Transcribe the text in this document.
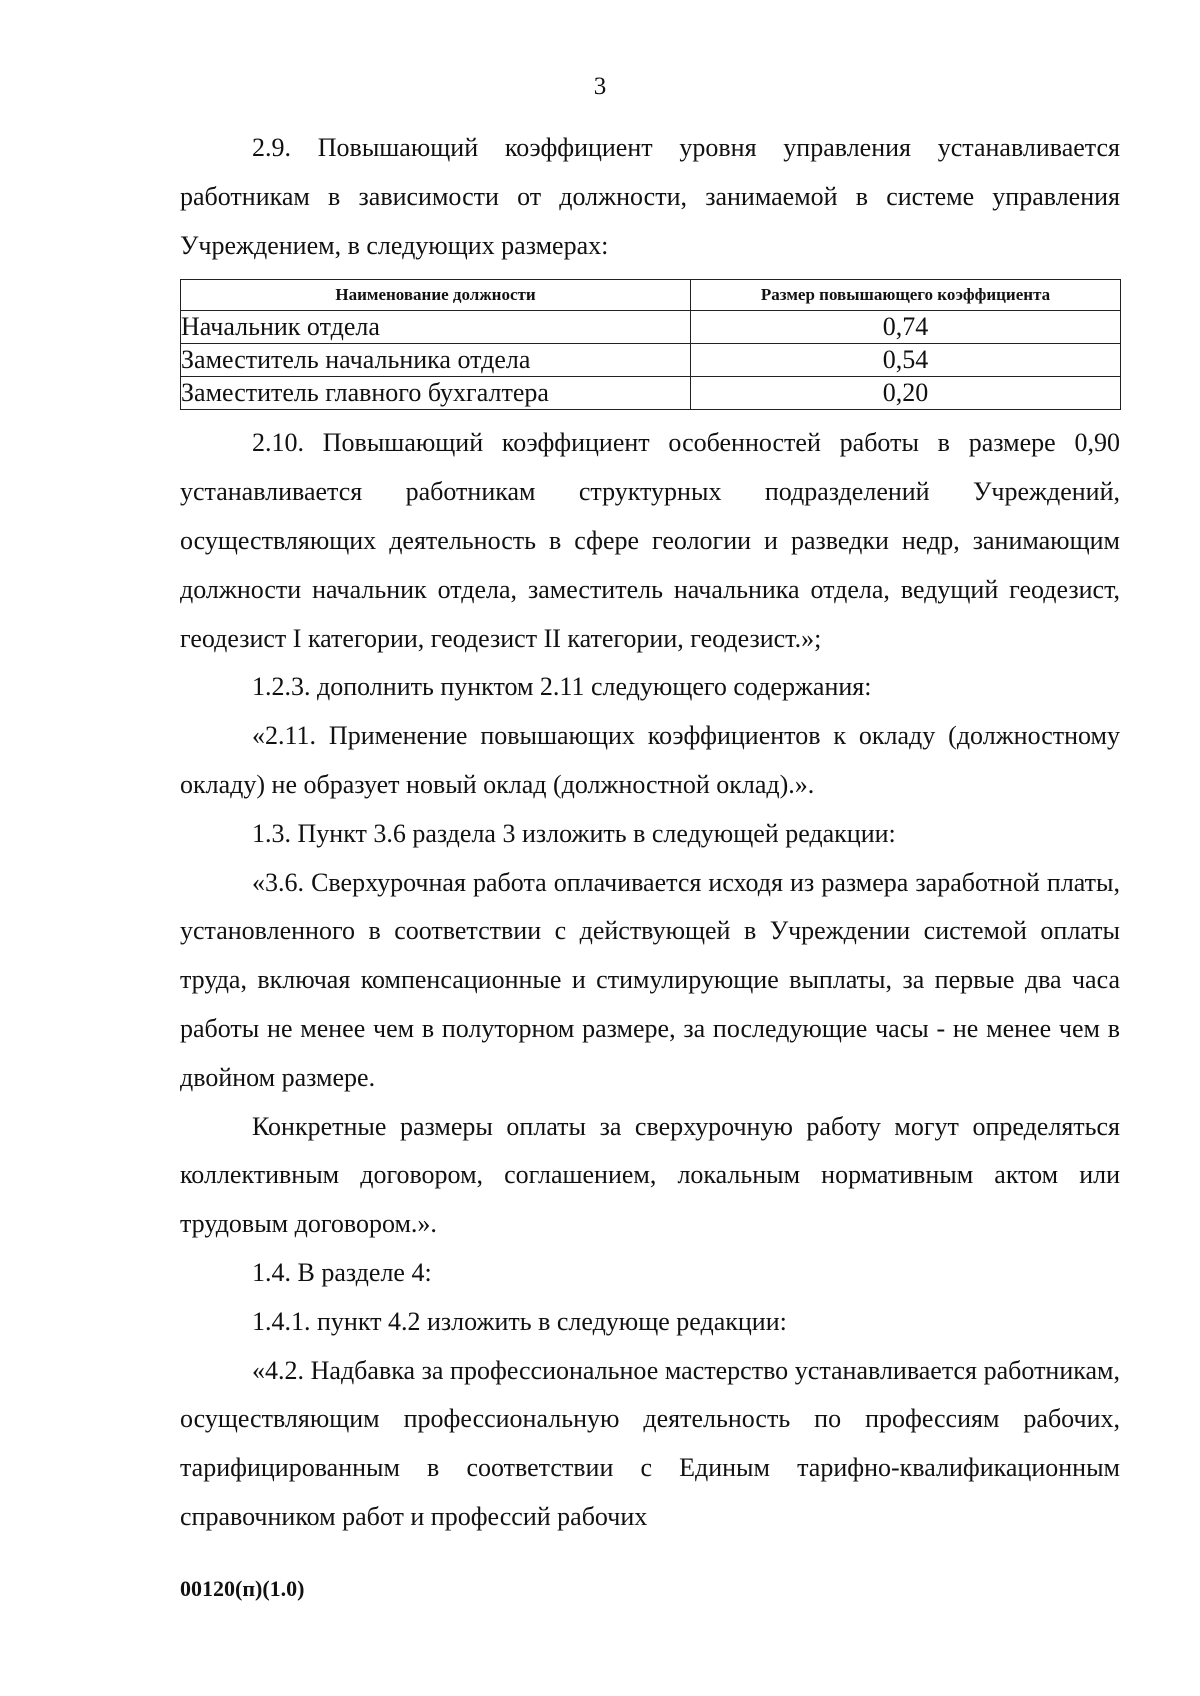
3

2.9. Повышающий коэффициент уровня управления устанавливается работникам в зависимости от должности, занимаемой в системе управления Учреждением, в следующих размерах:

Наименование должности	Размер повышающего коэффициента
Начальник отдела	0,74
Заместитель начальника отдела	0,54
Заместитель главного бухгалтера	0,20

2.10. Повышающий коэффициент особенностей работы в размере 0,90 устанавливается работникам структурных подразделений Учреждений, осуществляющих деятельность в сфере геологии и разведки недр, занимающим должности начальник отдела, заместитель начальника отдела, ведущий геодезист, геодезист I категории, геодезист II категории, геодезист.»;

1.2.3. дополнить пунктом 2.11 следующего содержания:

«2.11. Применение повышающих коэффициентов к окладу (должностному окладу) не образует новый оклад (должностной оклад).».

1.3. Пункт 3.6 раздела 3 изложить в следующей редакции:

«3.6. Сверхурочная работа оплачивается исходя из размера заработной платы, установленного в соответствии с действующей в Учреждении системой оплаты труда, включая компенсационные и стимулирующие выплаты, за первые два часа работы не менее чем в полуторном размере, за последующие часы - не менее чем в двойном размере.

Конкретные размеры оплаты за сверхурочную работу могут определяться коллективным договором, соглашением, локальным нормативным актом или трудовым договором.».

1.4. В разделе 4:

1.4.1. пункт 4.2 изложить в следующе редакции:

«4.2. Надбавка за профессиональное мастерство устанавливается работникам, осуществляющим профессиональную деятельность по профессиям рабочих, тарифицированным в соответствии с Единым тарифно-квалификационным справочником работ и профессий рабочих

00120(п)(1.0)
